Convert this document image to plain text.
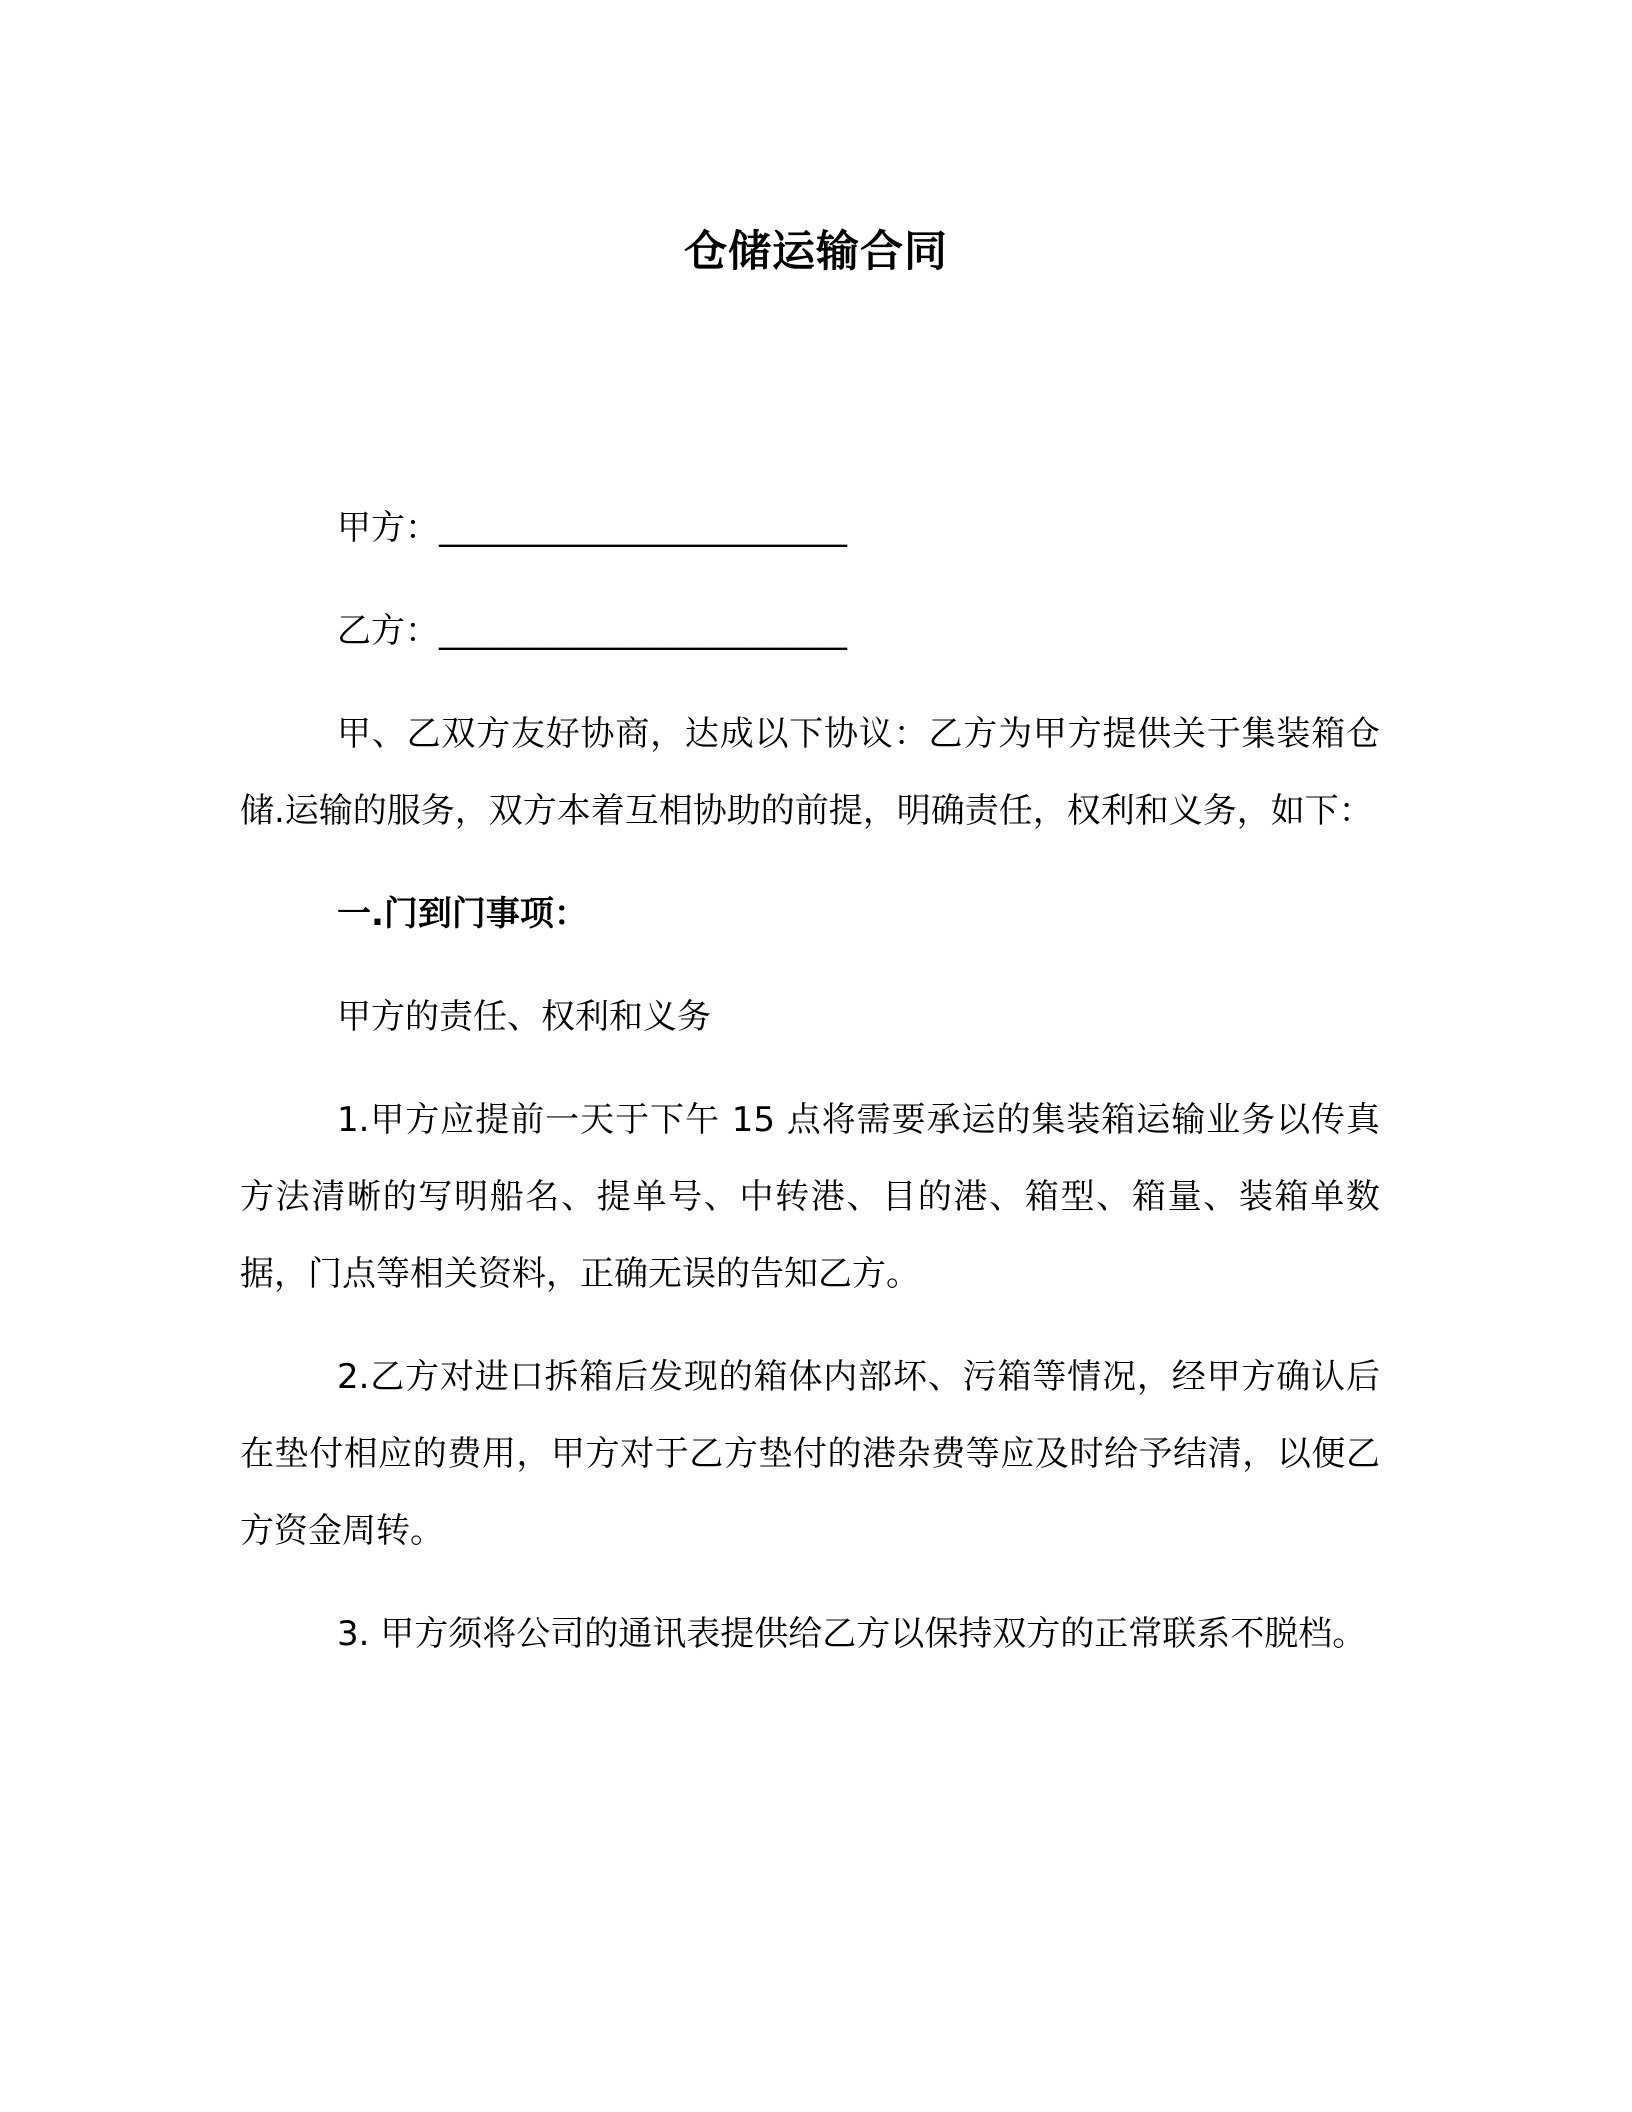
仓储运输合同

甲方：________________________

乙方：________________________

甲、乙双方友好协商，达成以下协议：乙方为甲方提供关于集装箱仓储.运输的服务，双方本着互相协助的前提，明确责任，权利和义务，如下：

一.门到门事项：

甲方的责任、权利和义务

1.甲方应提前一天于下午 15 点将需要承运的集装箱运输业务以传真方法清晰的写明船名、提单号、中转港、目的港、箱型、箱量、装箱单数据，门点等相关资料，正确无误的告知乙方。

2.乙方对进口拆箱后发现的箱体内部坏、污箱等情况，经甲方确认后在垫付相应的费用，甲方对于乙方垫付的港杂费等应及时给予结清，以便乙方资金周转。

3. 甲方须将公司的通讯表提供给乙方以保持双方的正常联系不脱档。
